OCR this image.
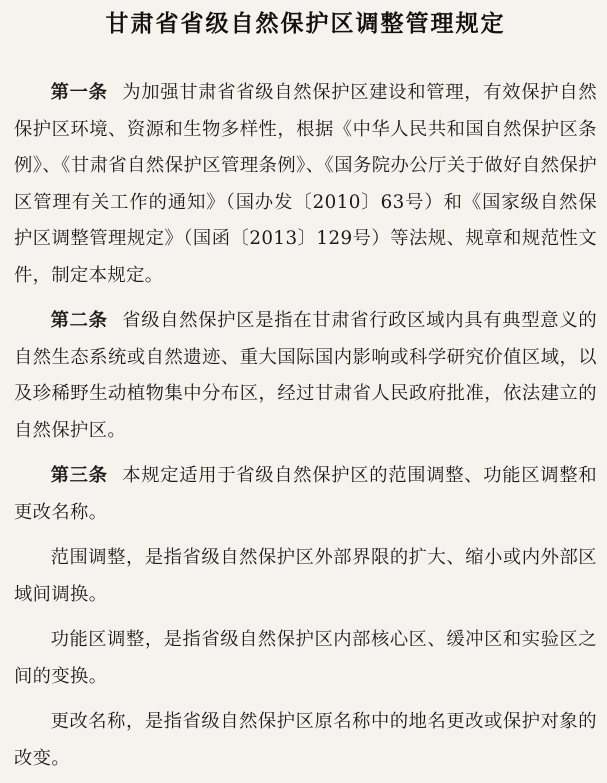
甘肃省省级自然保护区调整管理规定

第一条 为加强甘肃省省级自然保护区建设和管理，有效保护自然保护区环境、资源和生物多样性，根据《中华人民共和国自然保护区条例》、《甘肃省自然保护区管理条例》、《国务院办公厅关于做好自然保护区管理有关工作的通知》（国办发〔2010〕63号）和《国家级自然保护区调整管理规定》（国函〔2013〕129号）等法规、规章和规范性文件，制定本规定。

第二条 省级自然保护区是指在甘肃省行政区域内具有典型意义的自然生态系统或自然遗迹、重大国际国内影响或科学研究价值区域，以及珍稀野生动植物集中分布区，经过甘肃省人民政府批准，依法建立的自然保护区。

第三条 本规定适用于省级自然保护区的范围调整、功能区调整和更改名称。

范围调整，是指省级自然保护区外部界限的扩大、缩小或内外部区域间调换。

功能区调整，是指省级自然保护区内部核心区、缓冲区和实验区之间的变换。

更改名称，是指省级自然保护区原名称中的地名更改或保护对象的改变。
